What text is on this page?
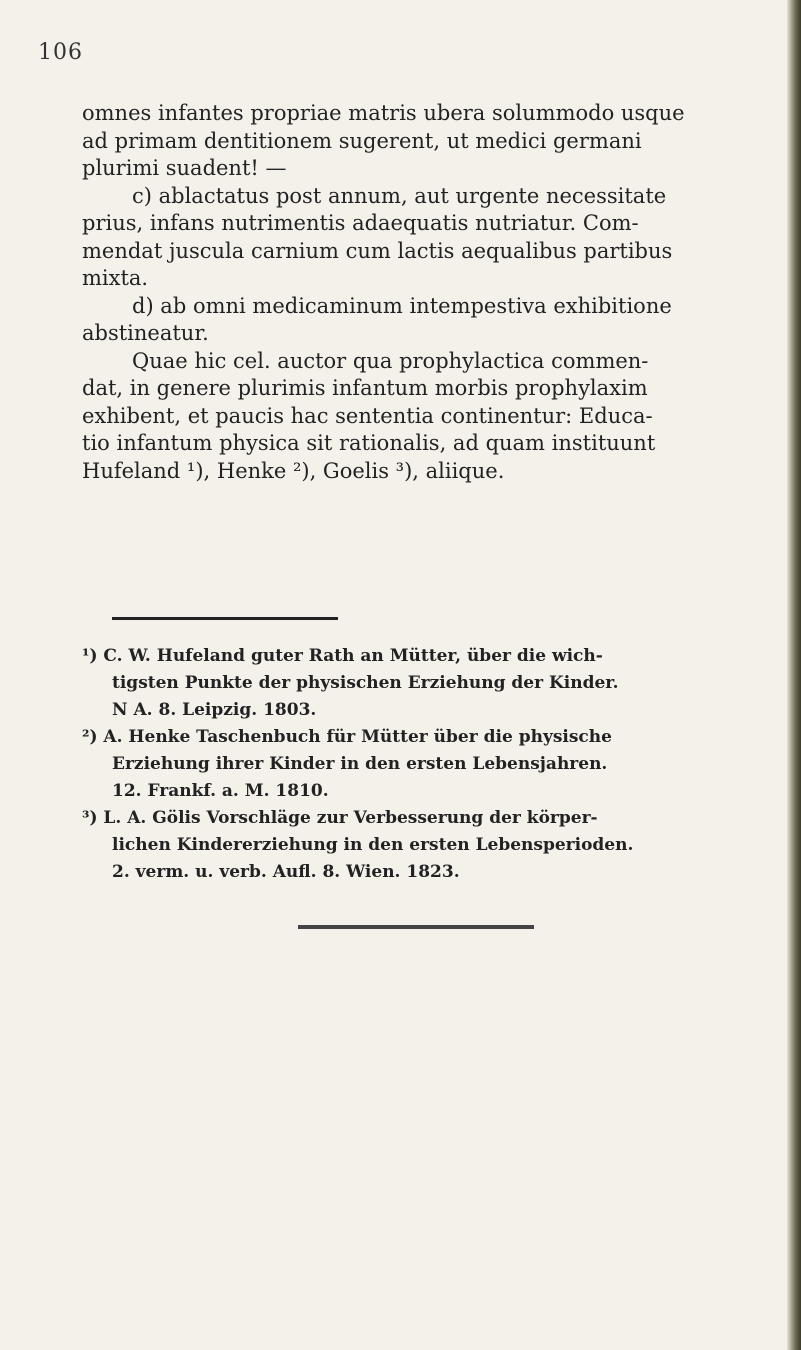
106
omnes infantes propriae matris ubera solummodo usque
ad primam dentitionem sugerent, ut medici germani
plurimi suadent! —
c) ablactatus post annum, aut urgente necessitate
prius, infans nutrimentis adaequatis nutriatur. Com-
mendat juscula carnium cum lactis aequalibus partibus
mixta.
d) ab omni medicaminum intempestiva exhibitione
abstineatur.
Quae hic cel. auctor qua prophylactica commen-
dat, in genere plurimis infantum morbis prophylaxim
exhibent, et paucis hac sententia continentur: Educa-
tio infantum physica sit rationalis, ad quam instituunt
Hufeland ¹), Henke ²), Goelis ³), aliique.
¹) C. W. Hufeland guter Rath an Mütter, über die wich-
tigsten Punkte der physischen Erziehung der Kinder.
N A. 8. Leipzig. 1803.
²) A. Henke Taschenbuch für Mütter über die physische
Erziehung ihrer Kinder in den ersten Lebensjahren.
12. Frankf. a. M. 1810.
³) L. A. Gölis Vorschläge zur Verbesserung der körper-
lichen Kindererziehung in den ersten Lebensperioden.
2. verm. u. verb. Aufl. 8. Wien. 1823.
